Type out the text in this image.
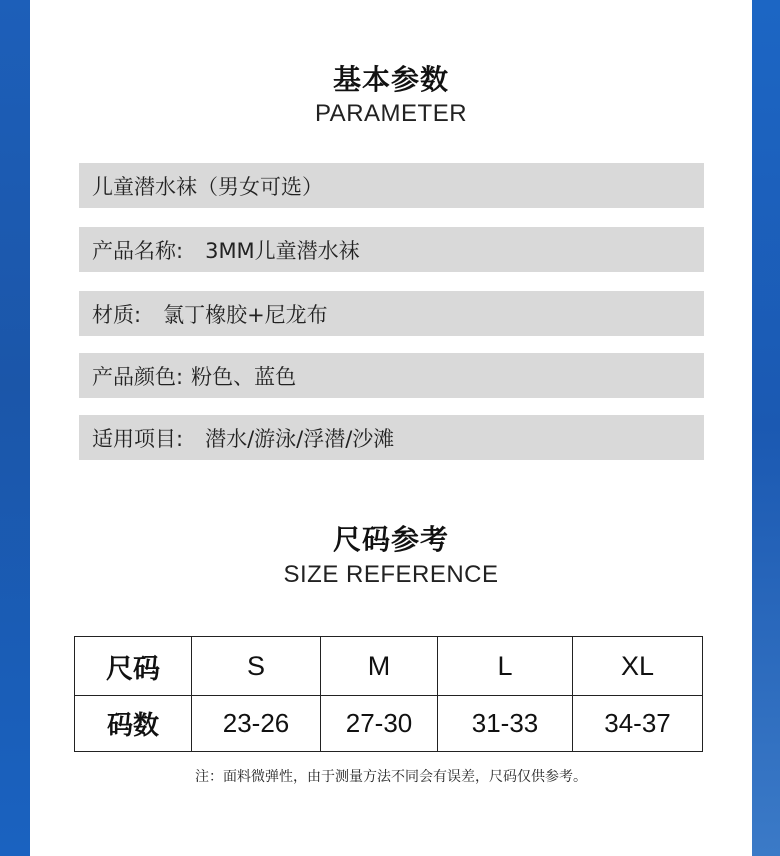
基本参数
PARAMETER
儿童潜水袜（男女可选）
产品名称: 3MM儿童潜水袜
材质: 氯丁橡胶+尼龙布
产品颜色: 粉色、蓝色
适用项目: 潜水/游泳/浮潜/沙滩
尺码参考
SIZE REFERENCE
尺码	S	M	L	XL
码数	23-26	27-30	31-33	34-37
注：面料微弹性，由于测量方法不同会有误差，尺码仅供参考。
